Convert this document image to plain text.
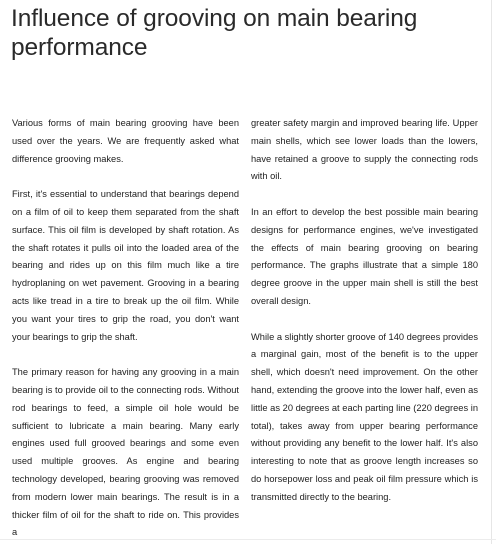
Influence of grooving on main bearing performance

Various forms of main bearing grooving have been used over the years. We are frequently asked what difference grooving makes.

First, it's essential to understand that bearings depend on a film of oil to keep them separated from the shaft surface. This oil film is developed by shaft rotation. As the shaft rotates it pulls oil into the loaded area of the bearing and rides up on this film much like a tire hydroplaning on wet pavement. Grooving in a bearing acts like tread in a tire to break up the oil film. While you want your tires to grip the road, you don't want your bearings to grip the shaft.

The primary reason for having any grooving in a main bearing is to provide oil to the connecting rods. Without rod bearings to feed, a simple oil hole would be sufficient to lubricate a main bearing. Many early engines used full grooved bearings and some even used multiple grooves. As engine and bearing technology developed, bearing grooving was removed from modern lower main bearings. The result is in a thicker film of oil for the shaft to ride on. This provides a

greater safety margin and improved bearing life. Upper main shells, which see lower loads than the lowers, have retained a groove to supply the connecting rods with oil.

In an effort to develop the best possible main bearing designs for performance engines, we've investigated the effects of main bearing grooving on bearing performance. The graphs illustrate that a simple 180 degree groove in the upper main shell is still the best overall design.

While a slightly shorter groove of 140 degrees provides a marginal gain, most of the benefit is to the upper shell, which doesn't need improvement. On the other hand, extending the groove into the lower half, even as little as 20 degrees at each parting line (220 degrees in total), takes away from upper bearing performance without providing any benefit to the lower half. It's also interesting to note that as groove length increases so do horsepower loss and peak oil film pressure which is transmitted directly to the bearing.
